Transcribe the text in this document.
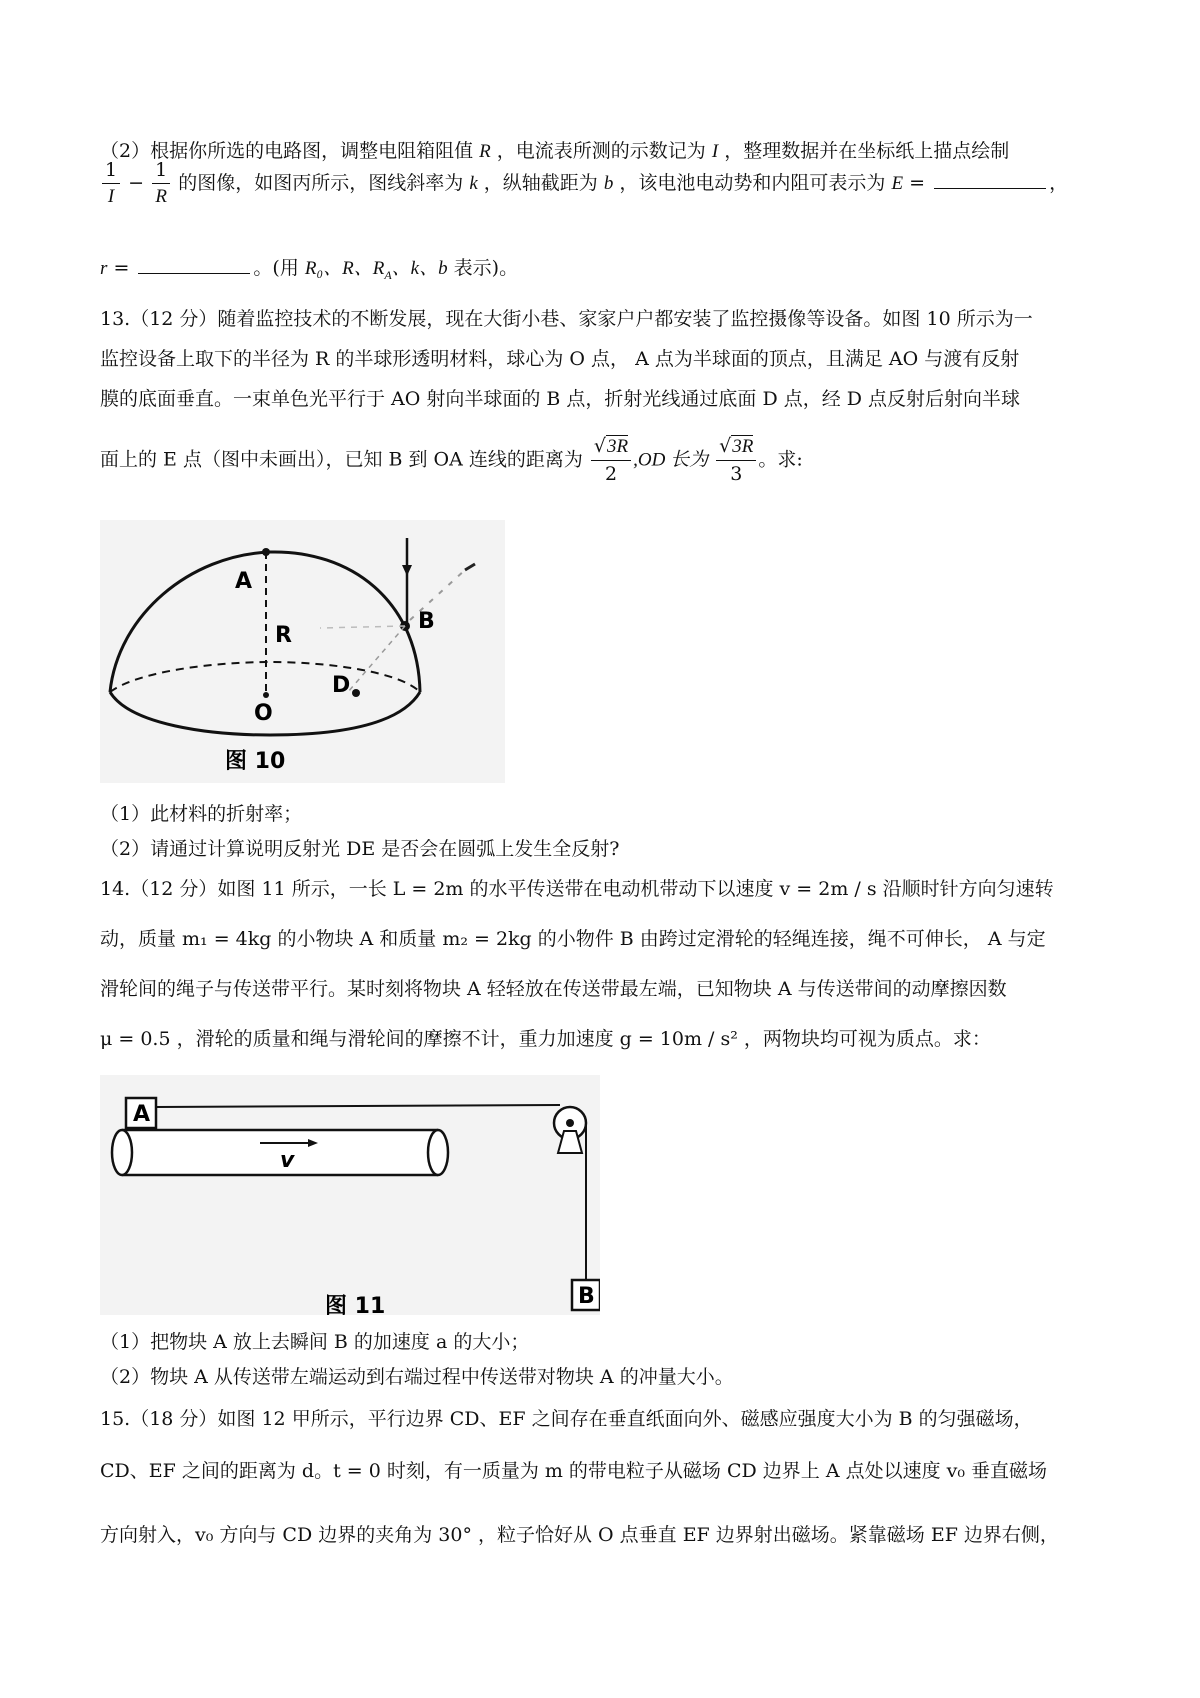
（2）根据你所选的电路图，调整电阻箱阻值 R ，电流表所测的示数记为 I ，整理数据并在坐标纸上描点绘制
$\frac{1}{I} - \frac{1}{R}$ 的图像，如图丙所示，图线斜率为 k ，纵轴截距为 b ，该电池电动势和内阻可表示为 E =	，
r =	。(用 R₀、R、$R_A$、k、b 表示)。
13.（12 分）随着监控技术的不断发展，现在大街小巷、家家户户都安装了监控摄像等设备。如图 10 所示为一
监控设备上取下的半径为 R 的半球形透明材料，球心为 O 点， A 点为半球面的顶点，且满足 AO 与渡有反射
膜的底面垂直。一束单色光平行于 AO 射向半球面的 B 点，折射光线通过底面 D 点，经 D 点反射后射向半球
面上的 E 点（图中未画出），已知 B 到 OA 连线的距离为 $\frac{√3R}{2} ,OD$ 长为 $\frac{√3R}{3}$ 。求:
A
R
B
D
O
图 10
（1）此材料的折射率；
（2）请通过计算说明反射光 DE 是否会在圆弧上发生全反射?
14.（12 分）如图 11 所示，一长 L = 2m 的水平传送带在电动机带动下以速度 v = 2m / s 沿顺时针方向匀速转
动，质量 m₁ = 4kg 的小物块 A 和质量 m₂ = 2kg 的小物件 B 由跨过定滑轮的轻绳连接，绳不可伸长， A 与定
滑轮间的绳子与传送带平行。某时刻将物块 A 轻轻放在传送带最左端，已知物块 A 与传送带间的动摩擦因数
μ = 0.5 ，滑轮的质量和绳与滑轮间的摩擦不计，重力加速度 g = 10m / s² ，两物块均可视为质点。求：
A
v
B
图 11
（1）把物块 A 放上去瞬间 B 的加速度 a 的大小；
（2）物块 A 从传送带左端运动到右端过程中传送带对物块 A 的冲量大小。
15.（18 分）如图 12 甲所示，平行边界 CD、EF 之间存在垂直纸面向外、磁感应强度大小为 B 的匀强磁场，
CD、EF 之间的距离为 d。t = 0 时刻，有一质量为 m 的带电粒子从磁场 CD 边界上 A 点处以速度 v₀ 垂直磁场
方向射入，v₀ 方向与 CD 边界的夹角为 30° ，粒子恰好从 O 点垂直 EF 边界射出磁场。紧靠磁场 EF 边界右侧，
